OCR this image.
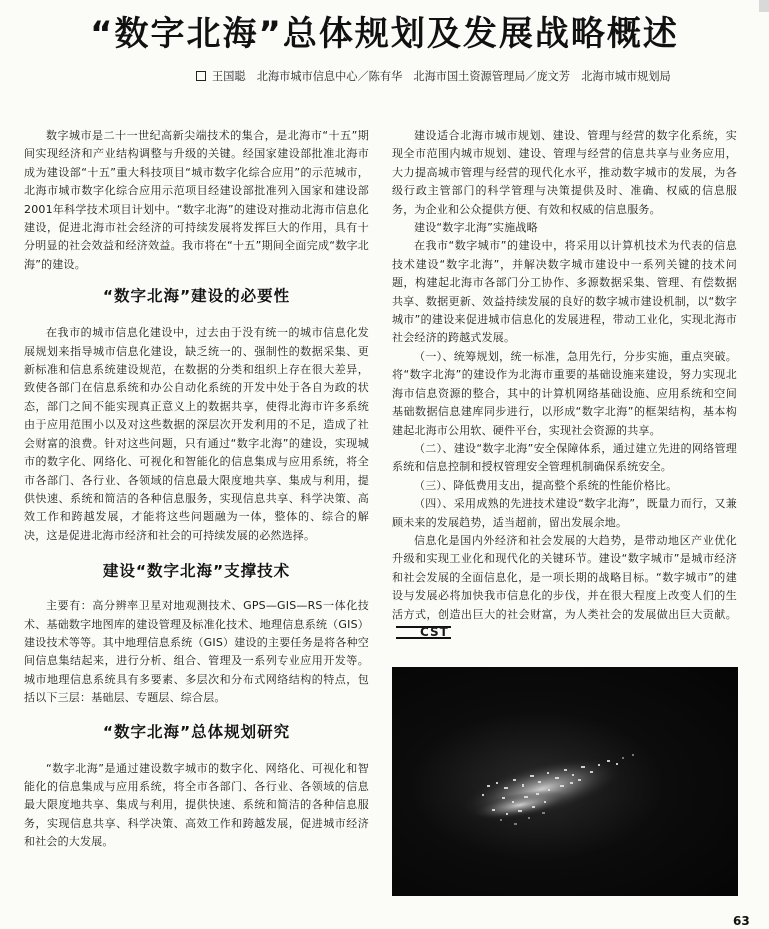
“数字北海”总体规划及发展战略概述

王国聪　北海市城市信息中心／陈有华　北海市国土资源管理局／庞文芳　北海市城市规划局

数字城市是二十一世纪高新尖端技术的集合，是北海市“十五”期间实现经济和产业结构调整与升级的关键。经国家建设部批准北海市成为建设部“十五”重大科技项目“城市数字化综合应用”的示范城市，北海市城市数字化综合应用示范项目经建设部批准列入国家和建设部2001年科学技术项目计划中。“数字北海”的建设对推动北海市信息化建设，促进北海市社会经济的可持续发展将发挥巨大的作用，具有十分明显的社会效益和经济效益。我市将在“十五”期间全面完成“数字北海”的建设。

“数字北海”建设的必要性

在我市的城市信息化建设中，过去由于没有统一的城市信息化发展规划来指导城市信息化建设，缺乏统一的、强制性的数据采集、更新标准和信息系统建设规范，在数据的分类和组织上存在很大差异，致使各部门在信息系统和办公自动化系统的开发中处于各自为政的状态，部门之间不能实现真正意义上的数据共享，使得北海市许多系统由于应用范围小以及对这些数据的深层次开发利用的不足，造成了社会财富的浪费。针对这些问题，只有通过“数字北海”的建设，实现城市的数字化、网络化、可视化和智能化的信息集成与应用系统，将全市各部门、各行业、各领域的信息最大限度地共享、集成与利用，提供快速、系统和简洁的各种信息服务，实现信息共享、科学决策、高效工作和跨越发展，才能将这些问题融为一体，整体的、综合的解决，这是促进北海市经济和社会的可持续发展的必然选择。

建设“数字北海”支撑技术

主要有：高分辨率卫星对地观测技术、GPS—GIS—RS一体化技术、基础数字地图库的建设管理及标准化技术、地理信息系统（GIS）建设技术等等。其中地理信息系统（GIS）建设的主要任务是将各种空间信息集结起来，进行分析、组合、管理及一系列专业应用开发等。城市地理信息系统具有多要素、多层次和分布式网络结构的特点，包括以下三层：基础层、专题层、综合层。

“数字北海”总体规划研究

“数字北海”是通过建设数字城市的数字化、网络化、可视化和智能化的信息集成与应用系统，将全市各部门、各行业、各领域的信息最大限度地共享、集成与利用，提供快速、系统和简洁的各种信息服务，实现信息共享、科学决策、高效工作和跨越发展，促进城市经济和社会的大发展。

建设适合北海市城市规划、建设、管理与经营的数字化系统，实现全市范围内城市规划、建设、管理与经营的信息共享与业务应用，大力提高城市管理与经营的现代化水平，推动数字城市的发展，为各级行政主管部门的科学管理与决策提供及时、准确、权威的信息服务，为企业和公众提供方便、有效和权威的信息服务。

建设“数字北海”实施战略

在我市“数字城市”的建设中，将采用以计算机技术为代表的信息技术建设“数字北海”，并解决数字城市建设中一系列关键的技术问题，构建起北海市各部门分工协作、多源数据采集、管理、有偿数据共享、数据更新、效益持续发展的良好的数字城市建设机制，以“数字城市”的建设来促进城市信息化的发展进程，带动工业化，实现北海市社会经济的跨越式发展。

（一）、统筹规划，统一标准，急用先行，分步实施，重点突破。将“数字北海”的建设作为北海市重要的基础设施来建设，努力实现北海市信息资源的整合，其中的计算机网络基础设施、应用系统和空间基础数据信息建库同步进行，以形成“数字北海”的框架结构，基本构建起北海市公用软、硬件平台，实现社会资源的共享。

（二）、建设“数字北海”安全保障体系，通过建立先进的网络管理系统和信息控制和授权管理安全管理机制确保系统安全。

（三）、降低费用支出，提高整个系统的性能价格比。

（四）、采用成熟的先进技术建设“数字北海”，既量力而行，又兼顾未来的发展趋势，适当超前，留出发展余地。

信息化是国内外经济和社会发展的大趋势，是带动地区产业优化升级和实现工业化和现代化的关键环节。建设“数字城市”是城市经济和社会发展的全面信息化，是一项长期的战略目标。“数字城市”的建设与发展必将加快我市信息化的步伐，并在很大程度上改变人们的生活方式，创造出巨大的社会财富，为人类社会的发展做出巨大贡献。CST

63
